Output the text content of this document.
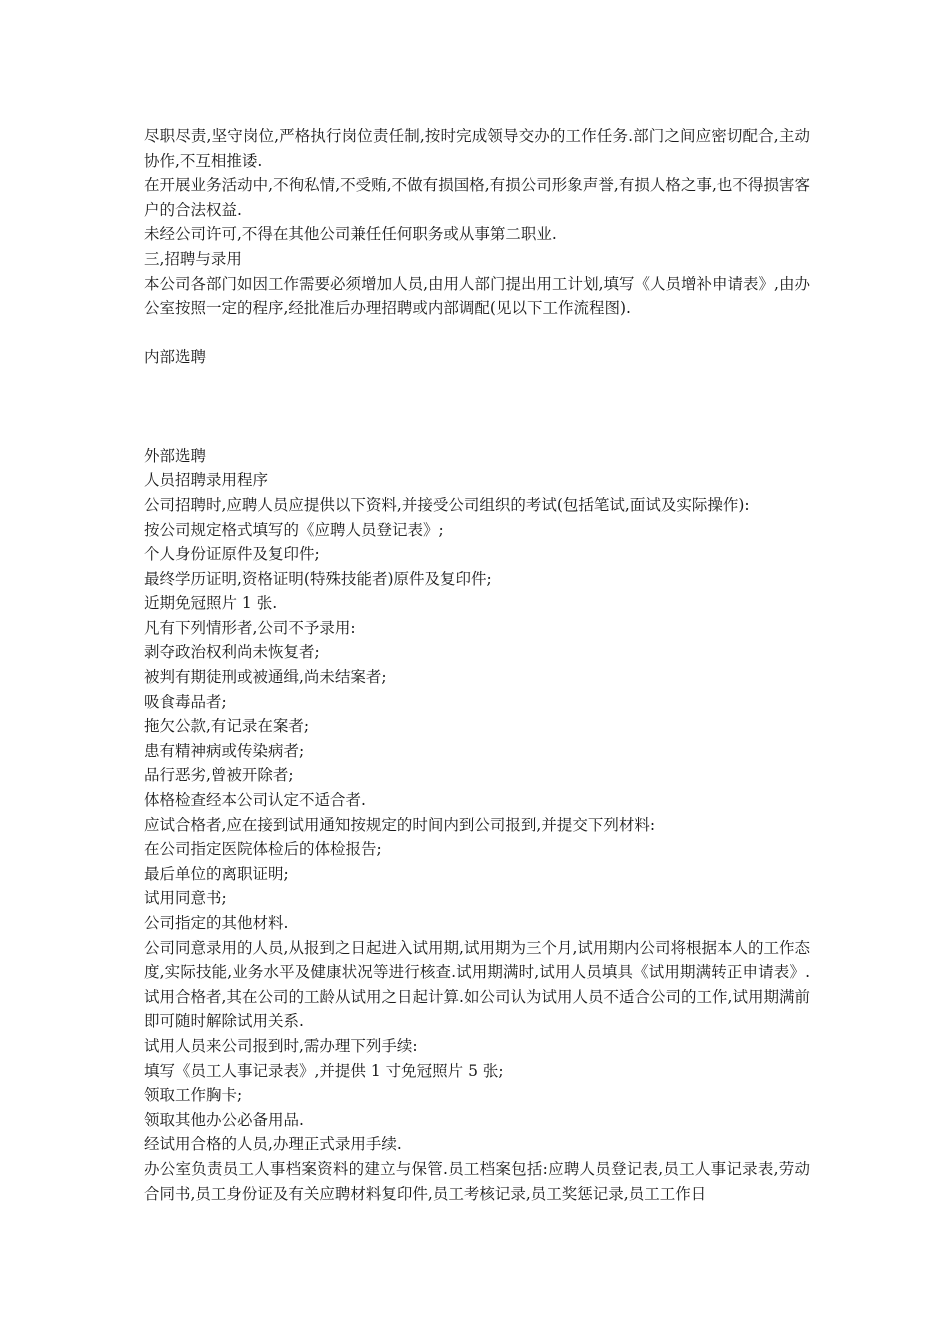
尽职尽责,坚守岗位,严格执行岗位责任制,按时完成领导交办的工作任务.部门之间应密切配合,主动协作,不互相推诿.

在开展业务活动中,不徇私情,不受贿,不做有损国格,有损公司形象声誉,有损人格之事,也不得损害客户的合法权益.

未经公司许可,不得在其他公司兼任任何职务或从事第二职业.

三,招聘与录用

本公司各部门如因工作需要必须增加人员,由用人部门提出用工计划,填写《人员增补申请表》,由办公室按照一定的程序,经批准后办理招聘或内部调配(见以下工作流程图).

内部选聘

外部选聘

人员招聘录用程序

公司招聘时,应聘人员应提供以下资料,并接受公司组织的考试(包括笔试,面试及实际操作):

按公司规定格式填写的《应聘人员登记表》;

个人身份证原件及复印件;

最终学历证明,资格证明(特殊技能者)原件及复印件;

近期免冠照片 1 张.

凡有下列情形者,公司不予录用:

剥夺政治权利尚未恢复者;

被判有期徒刑或被通缉,尚未结案者;

吸食毒品者;

拖欠公款,有记录在案者;

患有精神病或传染病者;

品行恶劣,曾被开除者;

体格检查经本公司认定不适合者.

应试合格者,应在接到试用通知按规定的时间内到公司报到,并提交下列材料:

在公司指定医院体检后的体检报告;

最后单位的离职证明;

试用同意书;

公司指定的其他材料.

公司同意录用的人员,从报到之日起进入试用期,试用期为三个月,试用期内公司将根据本人的工作态度,实际技能,业务水平及健康状况等进行核查.试用期满时,试用人员填具《试用期满转正申请表》.试用合格者,其在公司的工龄从试用之日起计算.如公司认为试用人员不适合公司的工作,试用期满前即可随时解除试用关系.

试用人员来公司报到时,需办理下列手续:

填写《员工人事记录表》,并提供 1 寸免冠照片 5 张;

领取工作胸卡;

领取其他办公必备用品.

经试用合格的人员,办理正式录用手续.

办公室负责员工人事档案资料的建立与保管.员工档案包括:应聘人员登记表,员工人事记录表,劳动合同书,员工身份证及有关应聘材料复印件,员工考核记录,员工奖惩记录,员工工作日
